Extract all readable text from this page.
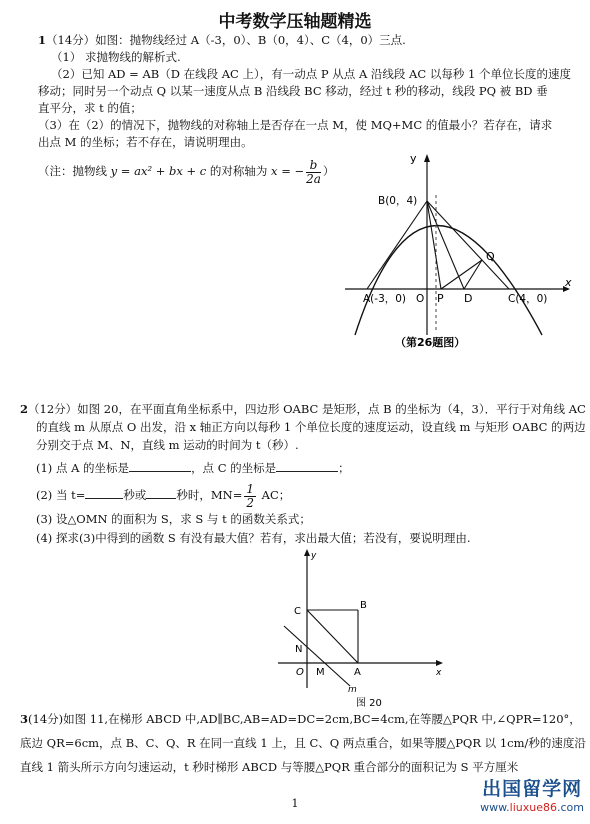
中考数学压轴题精选
1（14分）如图：抛物线经过 A（-3，0）、B（0，4）、C（4，0）三点.
（1） 求抛物线的解析式.
（2）已知 AD = AB（D 在线段 AC 上），有一动点 P 从点 A 沿线段 AC 以每秒 1 个单位长度的速度
移动；同时另一个动点 Q 以某一速度从点 B 沿线段 BC 移动，经过 t 秒的移动，线段 PQ 被 BD 垂
直平分，求 t 的值；
（3）在（2）的情况下，抛物线的对称轴上是否存在一点 M，使 MQ+MC 的值最小？若存在，请求
出点 M 的坐标；若不存在，请说明理由。
（注：抛物线 y = ax² + bx + c 的对称轴为 x = − $\frac{b}{2a}$ ）
y
x
B(0，4)
Q
A(-3，0) O P D	C(4，0)
（第26题图）
2（12分）如图 20，在平面直角坐标系中，四边形 OABC 是矩形，点 B 的坐标为（4，3）．平行于对角线 AC
的直线 m 从原点 O 出发，沿 x 轴正方向以每秒 1 个单位长度的速度运动，设直线 m 与矩形 OABC 的两边
分别交于点 M、N，直线 m 运动的时间为 t（秒）.
(1) 点 A 的坐标是	，点 C 的坐标是	；
(2) 当 t=	秒或	秒时，$MN= \frac{1}{2}$ AC；
(3) 设△OMN 的面积为 S，求 S 与 t 的函数关系式；
(4) 探求(3)中得到的函数 S 有没有最大值？若有，求出最大值；若没有，要说明理由.
y
x
C
B
N
O M	A
m
图 20
3(14分)如图 11,在梯形 ABCD 中,AD∥BC,AB=AD=DC=2cm,BC=4cm,在等腰△PQR 中,∠QPR=120°，
底边 QR=6cm，点 B、C、Q、R 在同一直线 1 上，且 C、Q 两点重合，如果等腰△PQR 以 1cm/秒的速度沿
直线 1 箭头所示方向匀速运动，t 秒时梯形 ABCD 与等腰△PQR 重合部分的面积记为 S 平方厘米
1
出国留学网
www.liuxue86.com
